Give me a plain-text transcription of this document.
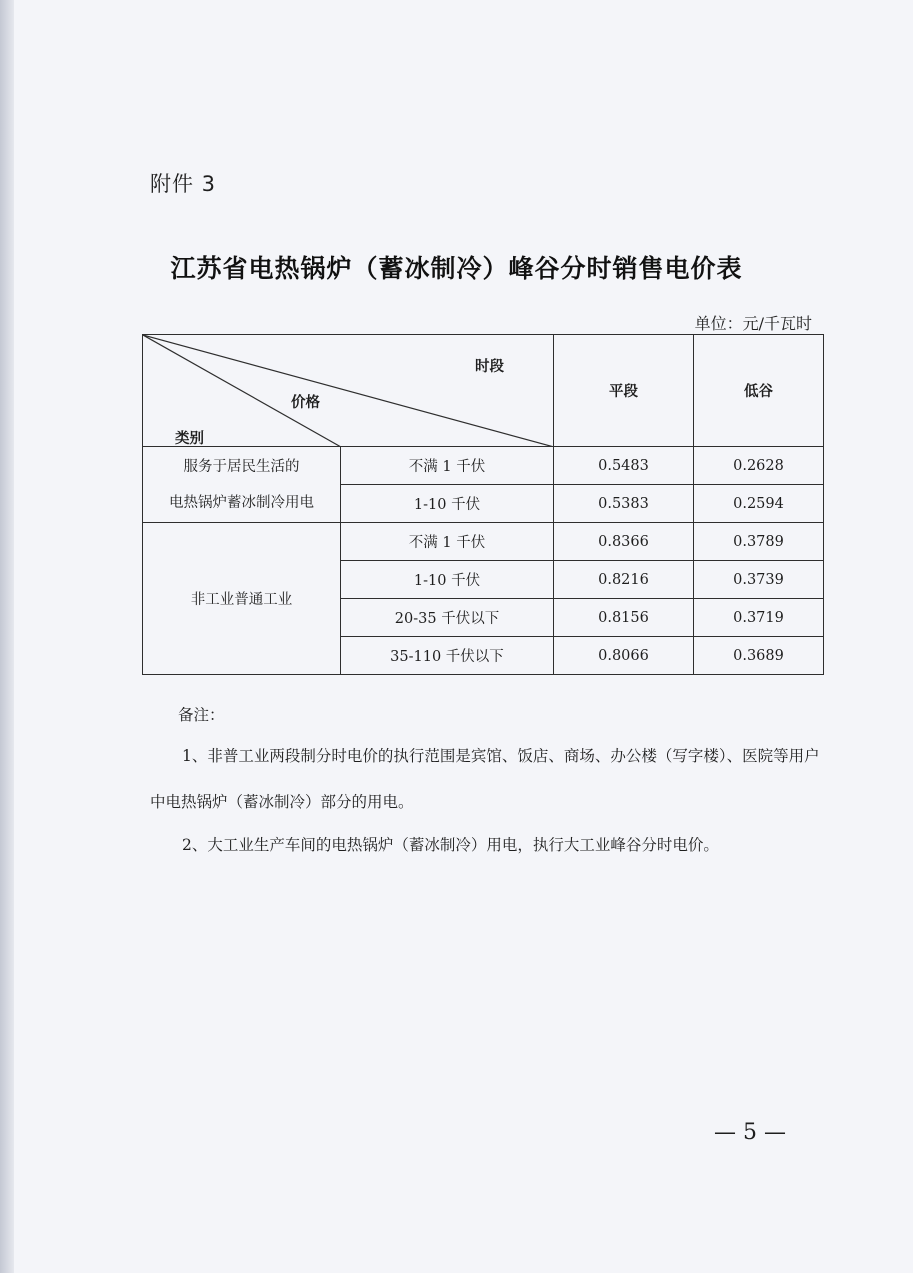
附件 3
江苏省电热锅炉（蓄冰制冷）峰谷分时销售电价表
单位：元/千瓦时
时段
价格
类别		平段	低谷

服务于居民生活的
电热锅炉蓄冰制冷用电	不满 1 千伏	0.5483	0.2628
	1-10 千伏	0.5383	0.2594
非工业普通工业	不满 1 千伏	0.8366	0.3789
	1-10 千伏	0.8216	0.3739
	20-35 千伏以下	0.8156	0.3719
	35-110 千伏以下	0.8066	0.3689
备注：

1、非普工业两段制分时电价的执行范围是宾馆、饭店、商场、办公楼（写字楼）、医院等用户中电热锅炉（蓄冰制冷）部分的用电。

2、大工业生产车间的电热锅炉（蓄冰制冷）用电，执行大工业峰谷分时电价。

— 5 —
